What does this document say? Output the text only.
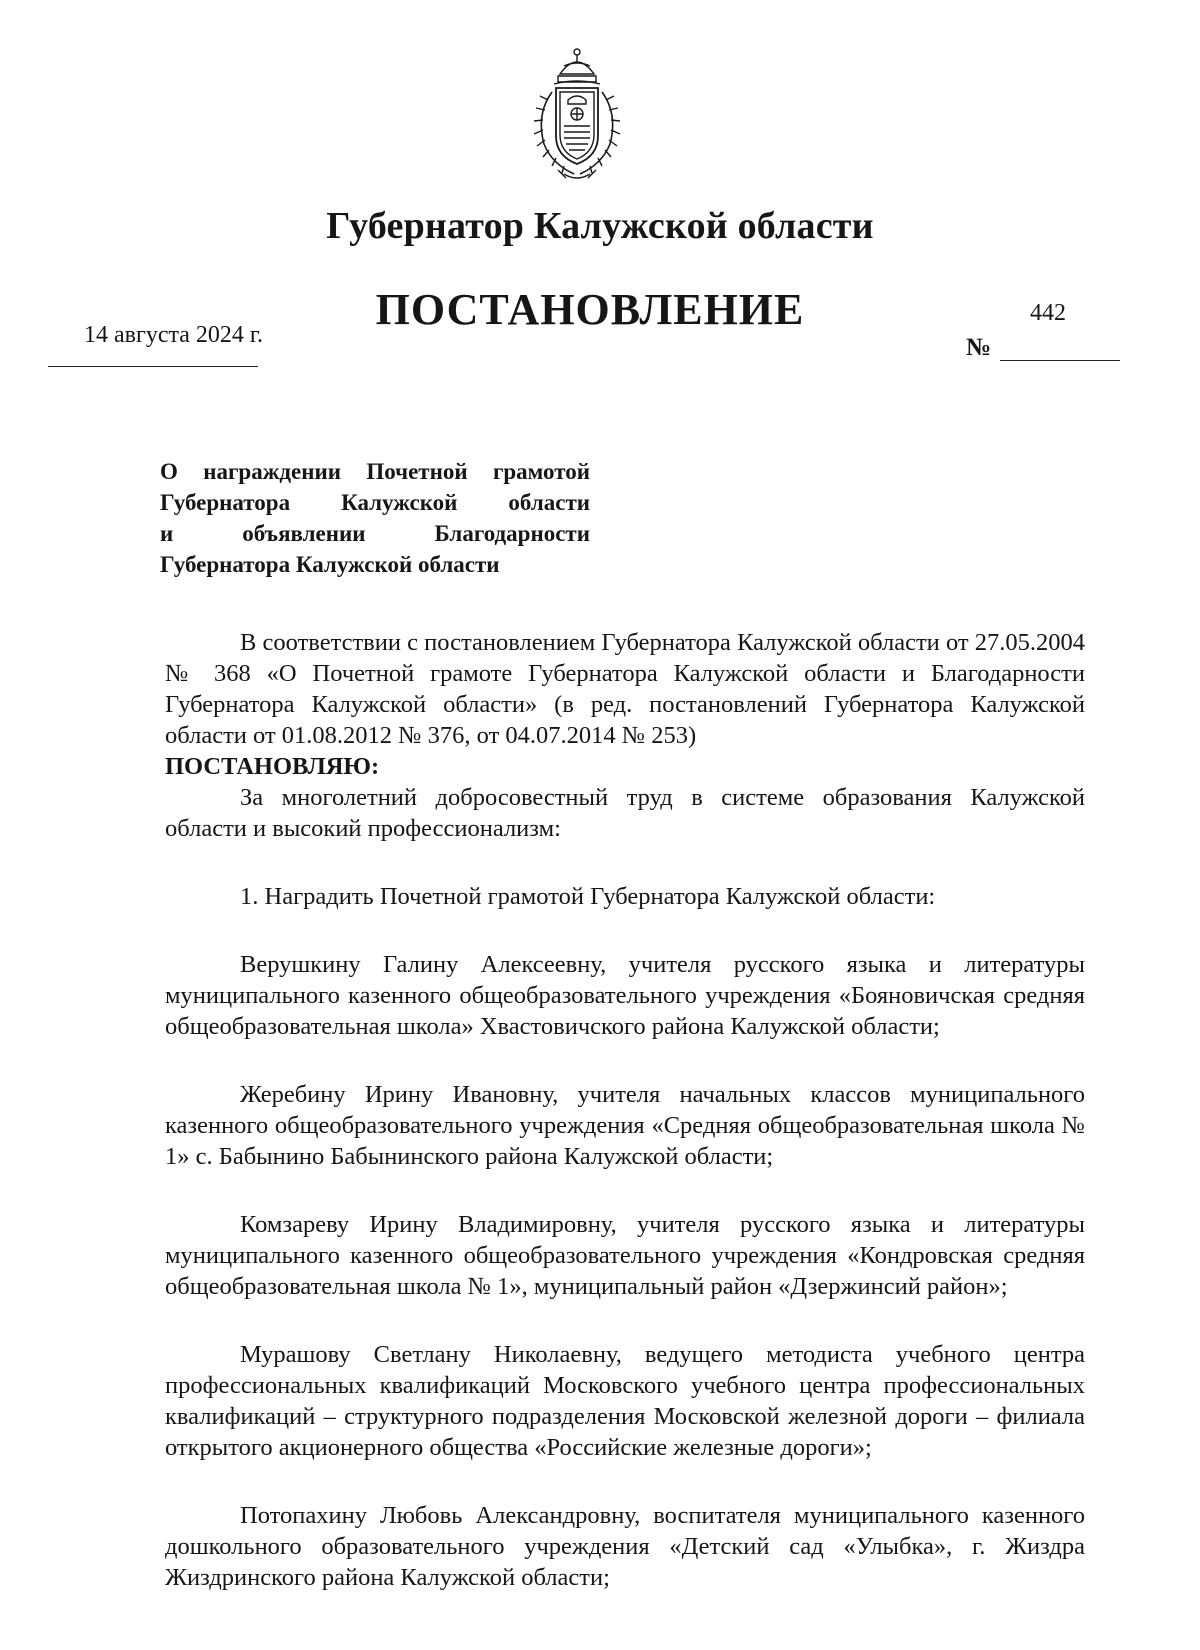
Губернатор Калужской области
ПОСТАНОВЛЕНИЕ
14 августа 2024 г.
442
№
О награждении Почетной грамотой
Губернатора Калужской области
и объявлении Благодарности
Губернатора Калужской области

В соответствии с постановлением Губернатора Калужской области от 27.05.2004 № 368 «О Почетной грамоте Губернатора Калужской области и Благодарности Губернатора Калужской области» (в ред. постановлений Губернатора Калужской области от 01.08.2012 № 376, от 04.07.2014 № 253)

ПОСТАНОВЛЯЮ:

За многолетний добросовестный труд в системе образования Калужской области и высокий профессионализм:

1. Наградить Почетной грамотой Губернатора Калужской области:

Верушкину Галину Алексеевну, учителя русского языка и литературы муниципального казенного общеобразовательного учреждения «Бояновичская средняя общеобразовательная школа» Хвастовичского района Калужской области;

Жеребину Ирину Ивановну, учителя начальных классов муниципального казенного общеобразовательного учреждения «Средняя общеобразовательная школа № 1» с. Бабынино Бабынинского района Калужской области;

Комзареву Ирину Владимировну, учителя русского языка и литературы муниципального казенного общеобразовательного учреждения «Кондровская средняя общеобразовательная школа № 1», муниципальный район «Дзержинсий район»;

Мурашову Светлану Николаевну, ведущего методиста учебного центра профессиональных квалификаций Московского учебного центра профессиональных квалификаций – структурного подразделения Московской железной дороги – филиала открытого акционерного общества «Российские железные дороги»;

Потопахину Любовь Александровну, воспитателя муниципального казенного дошкольного образовательного учреждения «Детский сад «Улыбка», г. Жиздра Жиздринского района Калужской области;
